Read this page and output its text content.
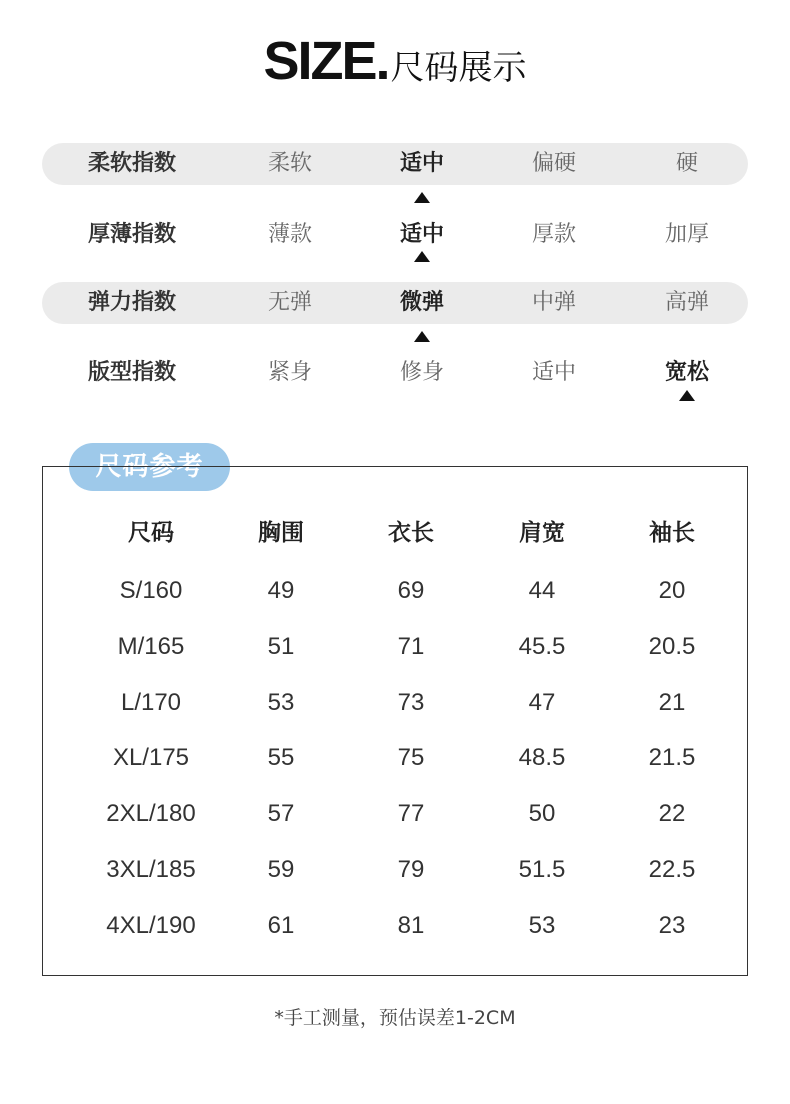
SIZE.尺码展示
柔软指数	柔软	适中	偏硬	硬
厚薄指数	薄款	适中	厚款	加厚
弹力指数	无弹	微弹	中弹	高弹
版型指数	紧身	修身	适中	宽松
尺码参考
尺码	胸围	衣长	肩宽	袖长
S/160	49	69	44	20
M/165	51	71	45.5	20.5
L/170	53	73	47	21
XL/175	55	75	48.5	21.5
2XL/180	57	77	50	22
3XL/185	59	79	51.5	22.5
4XL/190	61	81	53	23
*手工测量，预估误差1-2CM
